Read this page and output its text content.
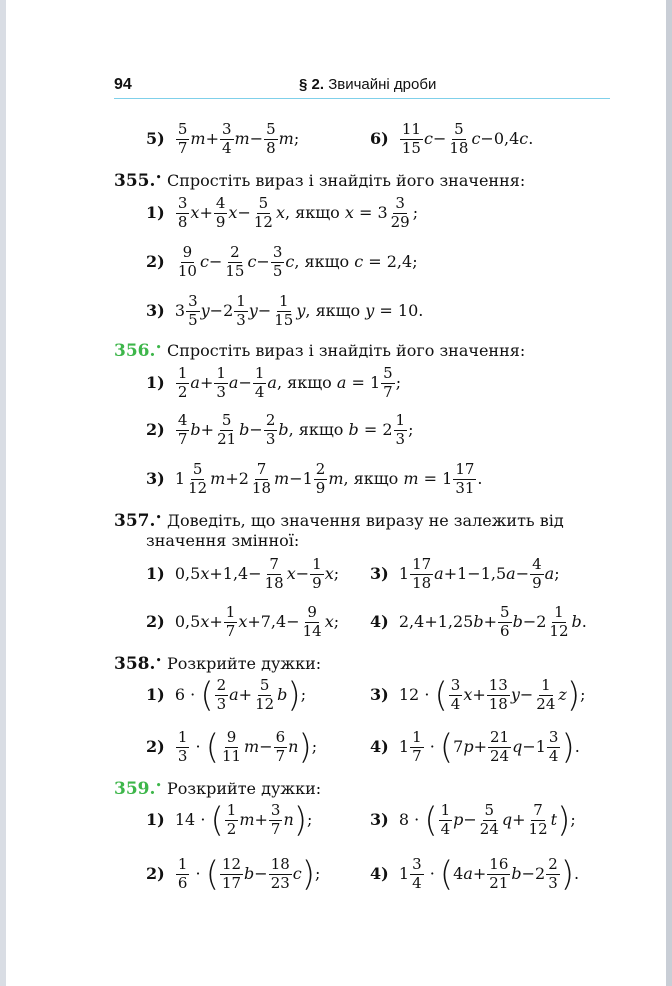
94	§ 2. Звичайні дроби
$5) \frac{5}{7} m+ \frac{3}{4} m- \frac{5}{8} m$;	$6) \frac{11}{15} c- \frac{5}{18} c-0,4c$.
355.• Спростіть вираз і знайдіть його значення:
$1) \frac{3}{8} x+ \frac{4}{9} x- \frac{5}{12} x$, якщо $x = 3 \frac{3}{29}$ ;
$2) \frac{9}{10} c- \frac{2}{15} c- \frac{3}{5} c$, якщо c = 2,4;
3)  $3 \frac{3}{5} y-2 \frac{1}{3} y- \frac{1}{15} y$, якщо y = 10.
356.• Спростіть вираз і знайдіть його значення:
$1) \frac{1}{2} a+ \frac{1}{3} a- \frac{1}{4} a$, якщо $a = 1 \frac{5}{7}$ ;
$2) \frac{4}{7} b+ \frac{5}{21} b- \frac{2}{3} b$, якщо $b = 2 \frac{1}{3}$ ;
3)  $1 \frac{5}{12} m+2 \frac{7}{18} m-1 \frac{2}{9} m$, якщо $m = 1 \frac{17}{31}$ .
357.• Доведіть, що значення виразу не залежить від
значення змінної:
1)  $0,5x+1,4- \frac{7}{18} x- \frac{1}{9} x$; 3)  $1 \frac{17}{18} a+1-1,5a- \frac{4}{9} a$;
2)  $0,5x+ \frac{1}{7} x+7,4- \frac{9}{14} x$; 4)  $2,4+1,25b+ \frac{5}{6} b-2 \frac{1}{12} b$.
358.• Розкрийте дужки:
1)  6 · ( $\frac{2}{3} a+ \frac{5}{12} b$);	3)  12 · ( $\frac{3}{4} x+ \frac{13}{18} y- \frac{1}{24} z$);
$2) \frac{1}{3}$ · ( $\frac{9}{11} m- \frac{6}{7} n$);	4)  $1 \frac{1}{7} \cdot (7p+ \frac{21}{24} q-1 \frac{3}{4}$ ).
359.• Розкрийте дужки:
1)  14 · ( $\frac{1}{2} m+ \frac{3}{7} n$);	3)  8 · ( $\frac{1}{4} p- \frac{5}{24} q+ \frac{7}{12} t$);
$2) \frac{1}{6}$ · ( $\frac{12}{17} b- \frac{18}{23} c$);	4)  $1 \frac{3}{4} \cdot (4a+ \frac{16}{21} b-2 \frac{2}{3}$ ).
